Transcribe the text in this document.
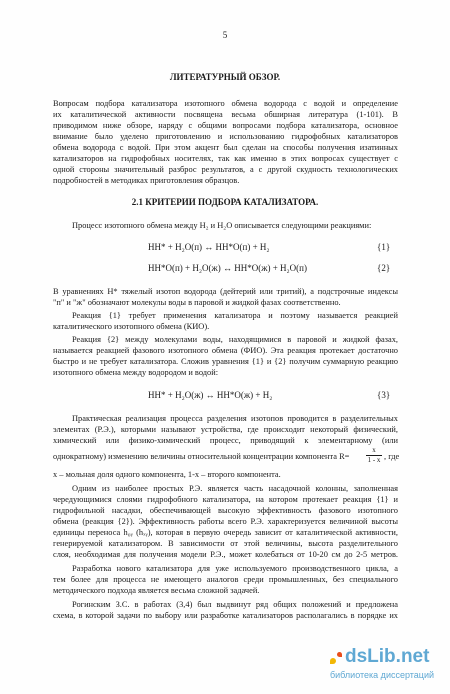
5
ЛИТЕРАТУРНЫЙ ОБЗОР.
Вопросам подбора катализатора изотопного обмена водорода с водой и определение
их каталитической активности посвящена весьма обширная литература (1-101). В
приводимом ниже обзоре, наряду с общими вопросами подбора катализатора, основное
внимание было уделено приготовлению и использованию гидрофобных катализаторов
обмена водорода с водой. При этом акцент был сделан на способы получения изатинных
катализаторов на гидрофобных носителях, так как именно в этих вопросах существует с
одной стороны значительный разброс результатов, а с другой скудность технологических
подробностей в методиках приготовления образцов.
2.1 КРИТЕРИИ ПОДБОРА КАТАЛИЗАТОРА.
Процесс изотопного обмена между Н₂ и Н₂О описывается следующими реакциями:
НН* + Н₂О(п) ↔ НН*О(п) + Н₂	{1}
НН*О(п) + Н₂О(ж) ↔ НН*О(ж) + Н₂О(п)	{2}
В уравнениях Н* тяжелый изотоп водорода (дейтерий или тритий), а подстрочные индексы
"п" и "ж" обозначают молекулы воды в паровой и жидкой фазах соответственно.
Реакция {1} требует применения катализатора и поэтому называется реакцией
каталитического изотопного обмена (КИО).
Реакция {2} между молекулами воды, находящимися в паровой и жидкой фазах,
называется реакцией фазового изотопного обмена (ФИО). Эта реакция протекает достаточно
быстро и не требует катализатора. Сложив уравнения {1} и {2} получим суммарную реакцию
изотопного обмена между водородом и водой:
НН* + Н₂О(ж) ↔ НН*О(ж) + Н₂	{3}
Практическая реализация процесса разделения изотопов проводится в разделительных
элементах (Р.Э.), которыми называют устройства, где происходит некоторый физический,
химический или физико-химический процесс, приводящий к элементарному (или
однократному) изменению величины относительной концентрации компонента R=
х
1 - х , где
х – мольная доля одного компонента, 1-х – второго компонента.
Одним из наиболее простых Р.Э. является часть насадочной колонны, заполненная
чередующимися слоями гидрофобного катализатора, на котором протекает реакция {1} и
гидрофильной насадки, обеспечивающей высокую эффективность фазового изотопного
обмена (реакция {2}). Эффективность работы всего Р.Э. характеризуется величиной высоты
единицы переноса h₀ᵧ (hₓᵧ), которая в первую очередь зависит от каталитической активности,
генерируемой катализатором. В зависимости от этой величины, высота разделительного
слоя, необходимая для получения модели Р.Э., может колебаться от 10-20 см до 2-5 метров.
Разработка нового катализатора для уже используемого производственного цикла, а
тем более для процесса не имеющего аналогов среди промышленных, без специального
методического подхода является весьма сложной задачей.
Рогинским З.С. в работах (3,4) был выдвинут ряд общих положений и предложена
схема, в которой задачи по выбору или разработке катализаторов располагались в порядке их
dsLib.net
библиотека диссертаций
